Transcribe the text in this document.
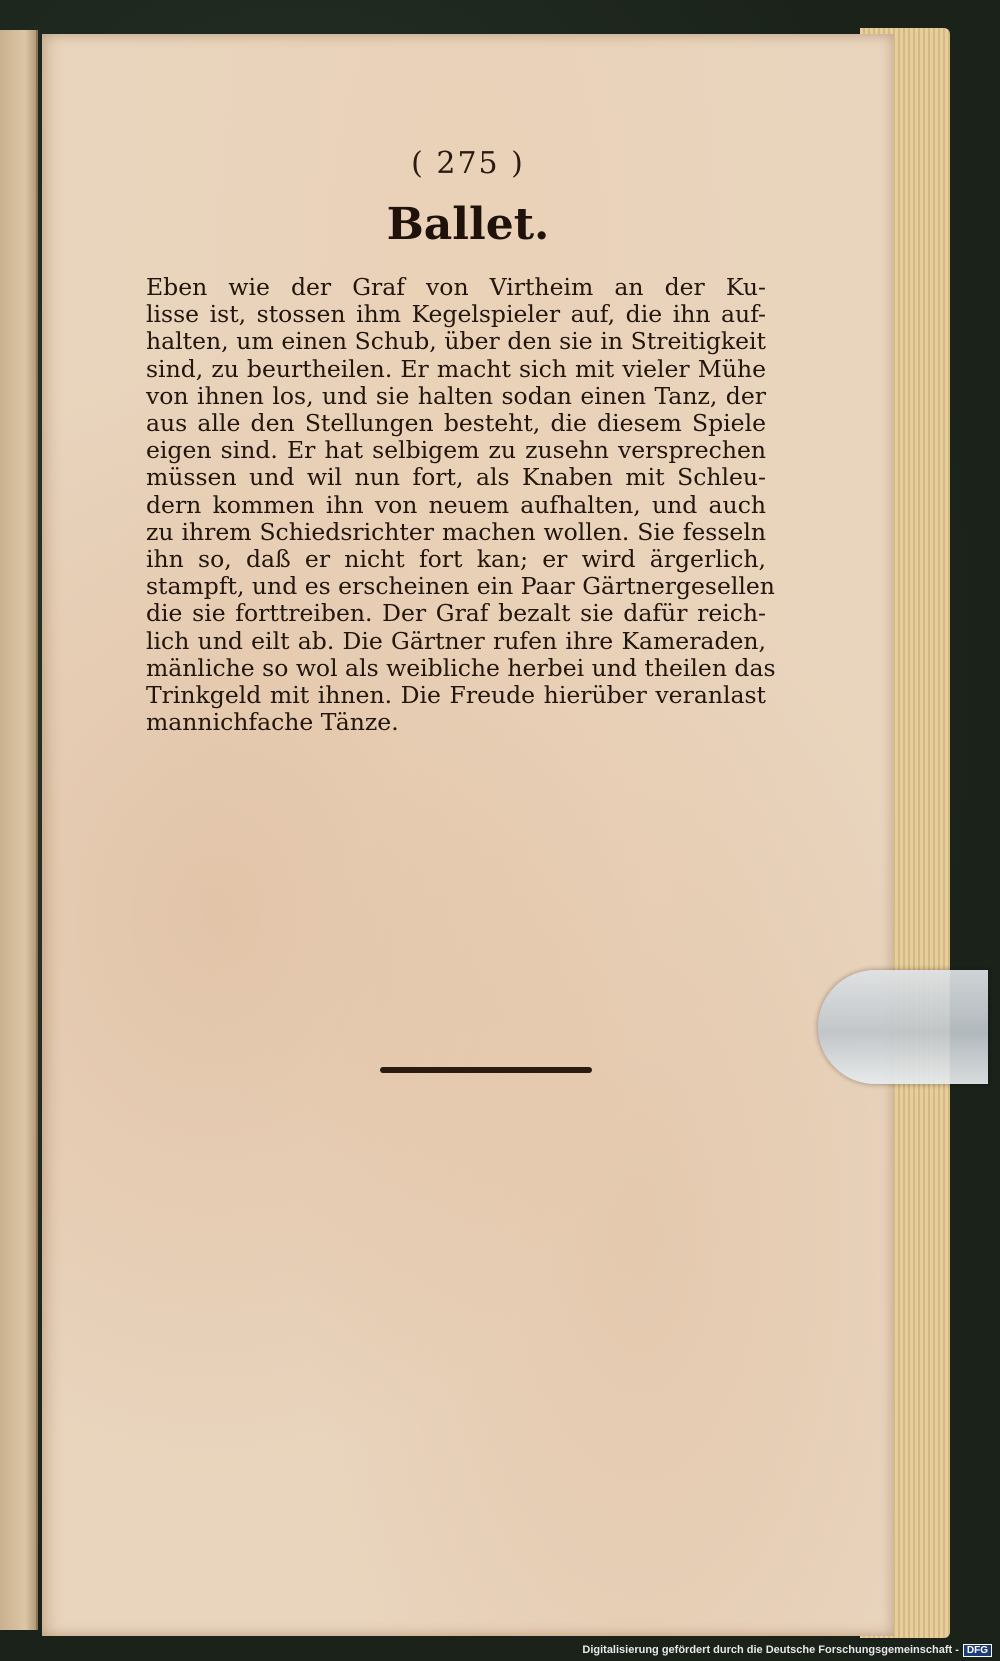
( 275 )
Ballet.
Eben wie der Graf von Virtheim an der Ku-
lisse ist, stossen ihm Kegelspieler auf, die ihn auf-
halten, um einen Schub, über den sie in Streitigkeit
sind, zu beurtheilen. Er macht sich mit vieler Mühe
von ihnen los, und sie halten sodan einen Tanz, der
aus alle den Stellungen besteht, die diesem Spiele
eigen sind. Er hat selbigem zu zusehn versprechen
müssen und wil nun fort, als Knaben mit Schleu-
dern kommen ihn von neuem aufhalten, und auch
zu ihrem Schiedsrichter machen wollen. Sie fesseln
ihn so, daß er nicht fort kan; er wird ärgerlich,
stampft, und es erscheinen ein Paar Gärtnergesellen
die sie forttreiben. Der Graf bezalt sie dafür reich-
lich und eilt ab. Die Gärtner rufen ihre Kameraden,
mänliche so wol als weibliche herbei und theilen das
Trinkgeld mit ihnen. Die Freude hierüber veranlast
mannichfache Tänze.
Digitalisierung gefördert durch die Deutsche Forschungsgemeinschaft - DFG
